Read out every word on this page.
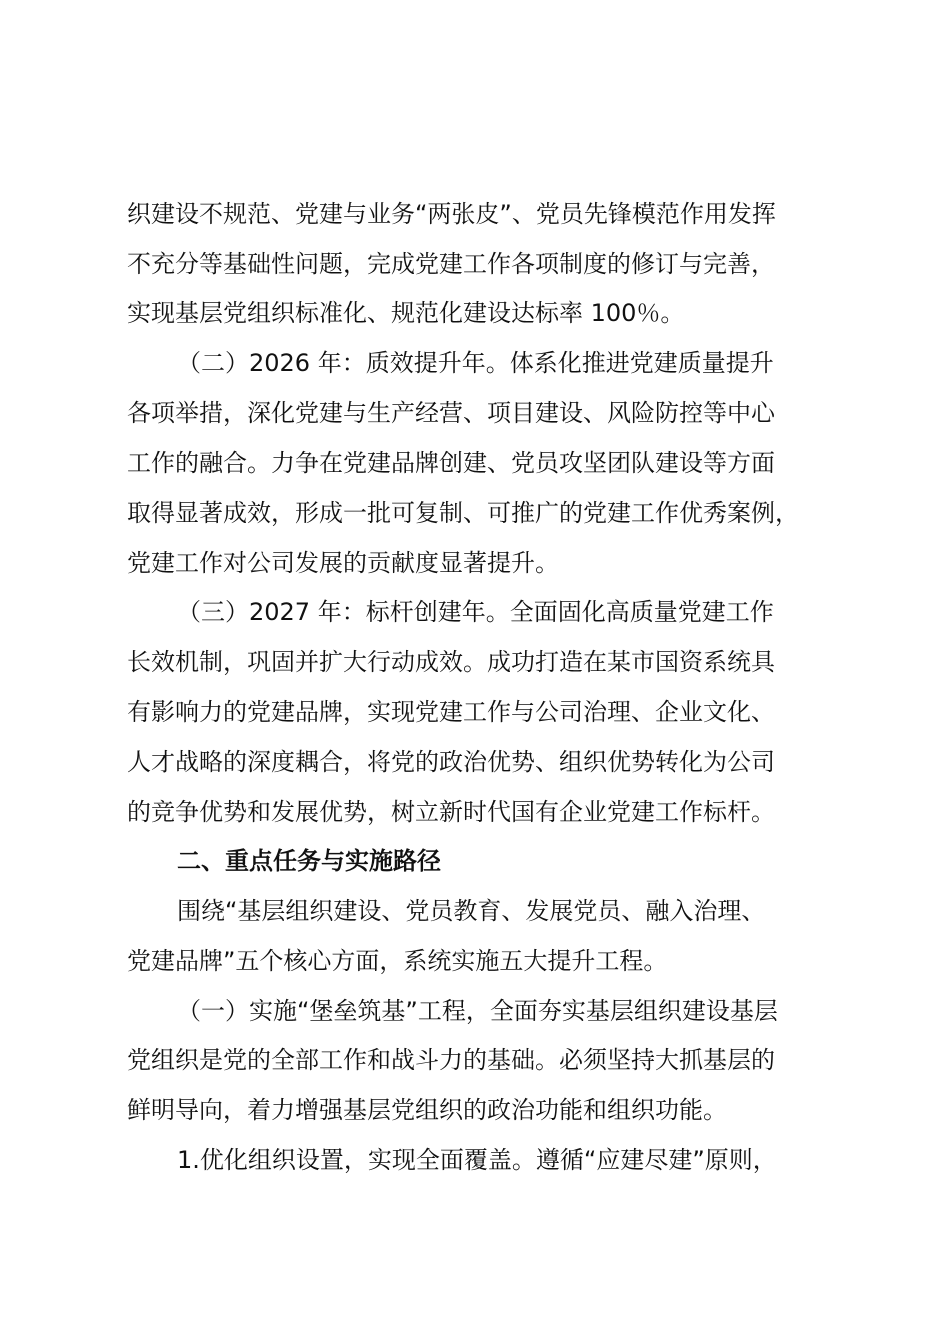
织建设不规范、党建与业务“两张皮”、党员先锋模范作用发挥
不充分等基础性问题，完成党建工作各项制度的修订与完善，
实现基层党组织标准化、规范化建设达标率 100％。
（二）2026 年：质效提升年。体系化推进党建质量提升
各项举措，深化党建与生产经营、项目建设、风险防控等中心
工作的融合。力争在党建品牌创建、党员攻坚团队建设等方面
取得显著成效，形成一批可复制、可推广的党建工作优秀案例，
党建工作对公司发展的贡献度显著提升。
（三）2027 年：标杆创建年。全面固化高质量党建工作
长效机制，巩固并扩大行动成效。成功打造在某市国资系统具
有影响力的党建品牌，实现党建工作与公司治理、企业文化、
人才战略的深度耦合，将党的政治优势、组织优势转化为公司
的竞争优势和发展优势，树立新时代国有企业党建工作标杆。
二、重点任务与实施路径
围绕“基层组织建设、党员教育、发展党员、融入治理、
党建品牌”五个核心方面，系统实施五大提升工程。
（一）实施“堡垒筑基”工程，全面夯实基层组织建设基层
党组织是党的全部工作和战斗力的基础。必须坚持大抓基层的
鲜明导向，着力增强基层党组织的政治功能和组织功能。
1.优化组织设置，实现全面覆盖。遵循“应建尽建”原则，
